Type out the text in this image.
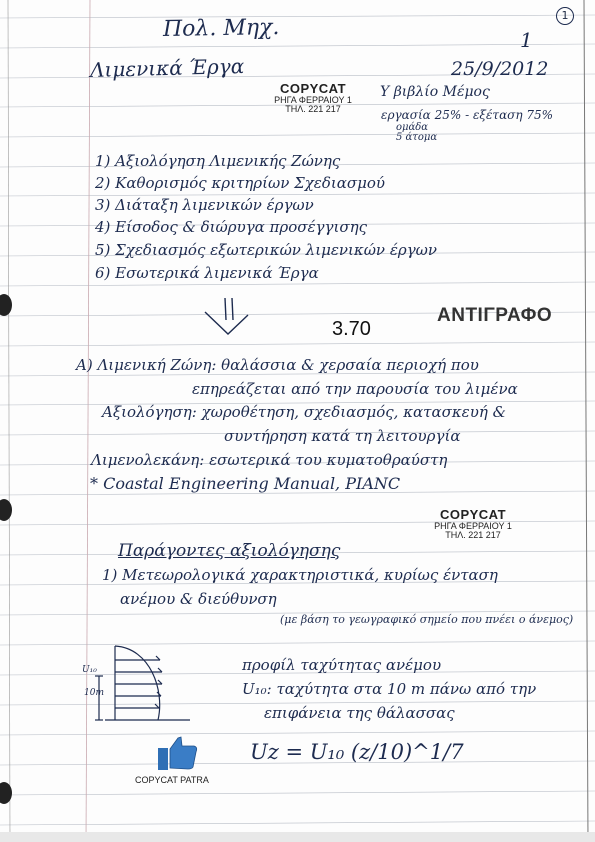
1
Πολ. Μηχ.	1
Λιμενικά Έργα	25/9/2012
COPYCAT
ΡΗΓΑ ΦΕΡΡΑΙΟΥ 1
ΤΗΛ. 221 217
Υ βιβλίο Μέμος
εργασία 25% - εξέταση 75%
ομάδα
5 άτομα
1) Αξιολόγηση Λιμενικής Ζώνης
2) Καθορισμός κριτηρίων Σχεδιασμού
3) Διάταξη λιμενικών έργων
4) Είσοδος & διώρυγα προσέγγισης
5) Σχεδιασμός εξωτερικών λιμενικών έργων
6) Εσωτερικά λιμενικά Έργα
3.70
ΑΝΤΙΓΡΑΦΟ
Α) Λιμενική Ζώνη: θαλάσσια & χερσαία περιοχή που
επηρεάζεται από την παρουσία του λιμένα
Αξιολόγηση: χωροθέτηση, σχεδιασμός, κατασκευή &
συντήρηση κατά τη λειτουργία
Λιμενολεκάνη: εσωτερικά του κυματοθραύστη
* Coastal Engineering Manual, PIANC
COPYCAT
ΡΗΓΑ ΦΕΡΡΑΙΟΥ 1
ΤΗΛ. 221 217
Παράγοντες αξιολόγησης
1) Μετεωρολογικά χαρακτηριστικά, κυρίως ένταση
ανέμου & διεύθυνση
(με βάση το γεωγραφικό σημείο που πνέει ο άνεμος)
U₁₀
10m
προφίλ ταχύτητας ανέμου
U₁₀: ταχύτητα στα 10 m πάνω από την
επιφάνεια της θάλασσας
Uz = U₁₀ (z/10)^1/7
COPYCAT PATRA
